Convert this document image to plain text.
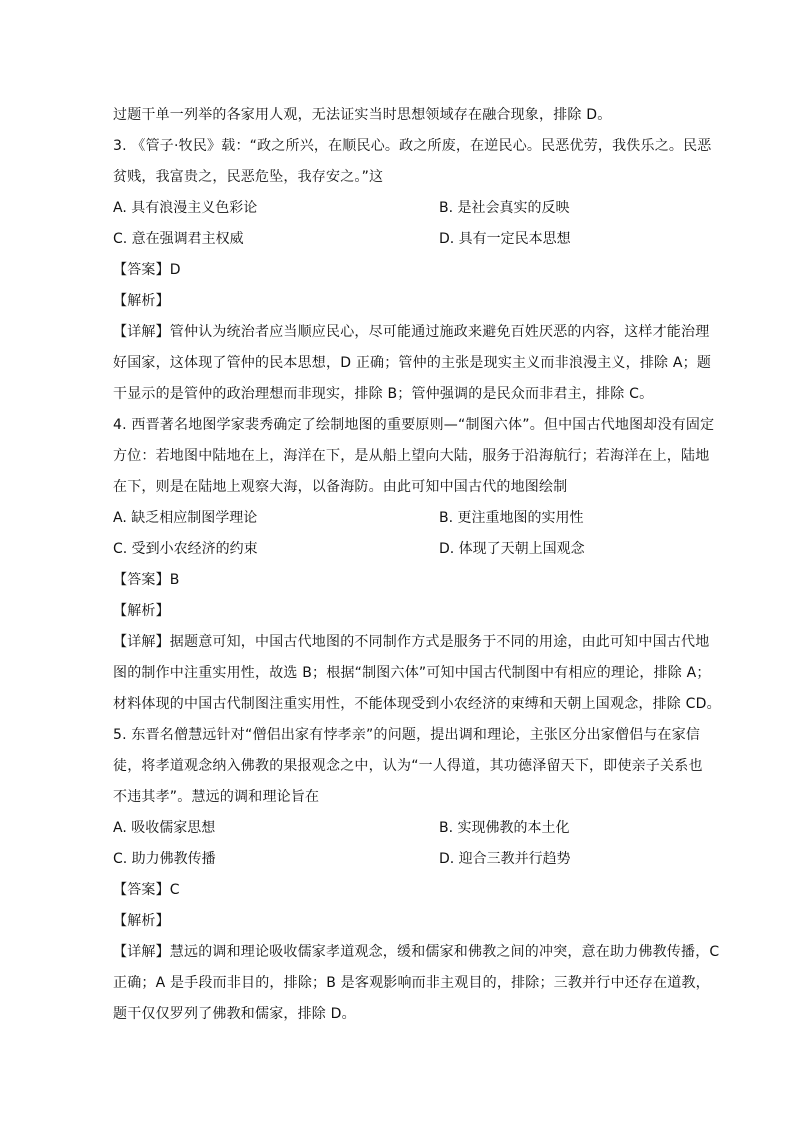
过题干单一列举的各家用人观，无法证实当时思想领域存在融合现象，排除 D。
3. 《管子·牧民》载：“政之所兴，在顺民心。政之所废，在逆民心。民恶优劳，我佚乐之。民恶
贫贱，我富贵之，民恶危坠，我存安之。”这
A. 具有浪漫主义色彩论	B. 是社会真实的反映
C. 意在强调君主权威	D. 具有一定民本思想
【答案】D
【解析】
【详解】管仲认为统治者应当顺应民心，尽可能通过施政来避免百姓厌恶的内容，这样才能治理
好国家，这体现了管仲的民本思想，D 正确；管仲的主张是现实主义而非浪漫主义，排除 A；题
干显示的是管仲的政治理想而非现实，排除 B；管仲强调的是民众而非君主，排除 C。
4. 西晋著名地图学家裴秀确定了绘制地图的重要原则—“制图六体”。但中国古代地图却没有固定
方位：若地图中陆地在上，海洋在下，是从船上望向大陆，服务于沿海航行；若海洋在上，陆地
在下，则是在陆地上观察大海，以备海防。由此可知中国古代的地图绘制
A. 缺乏相应制图学理论	B. 更注重地图的实用性
C. 受到小农经济的约束	D. 体现了天朝上国观念
【答案】B
【解析】
【详解】据题意可知，中国古代地图的不同制作方式是服务于不同的用途，由此可知中国古代地
图的制作中注重实用性，故选 B；根据“制图六体”可知中国古代制图中有相应的理论，排除 A；
材料体现的中国古代制图注重实用性，不能体现受到小农经济的束缚和天朝上国观念，排除 CD。
5. 东晋名僧慧远针对“僧侣出家有悖孝亲”的问题，提出调和理论，主张区分出家僧侣与在家信
徒，将孝道观念纳入佛教的果报观念之中，认为“一人得道，其功德泽留天下，即使亲子关系也
不违其孝”。慧远的调和理论旨在
A. 吸收儒家思想	B. 实现佛教的本土化
C. 助力佛教传播	D. 迎合三教并行趋势
【答案】C
【解析】
【详解】慧远的调和理论吸收儒家孝道观念，缓和儒家和佛教之间的冲突，意在助力佛教传播，C
正确；A 是手段而非目的，排除；B 是客观影响而非主观目的，排除；三教并行中还存在道教，
题干仅仅罗列了佛教和儒家，排除 D。
